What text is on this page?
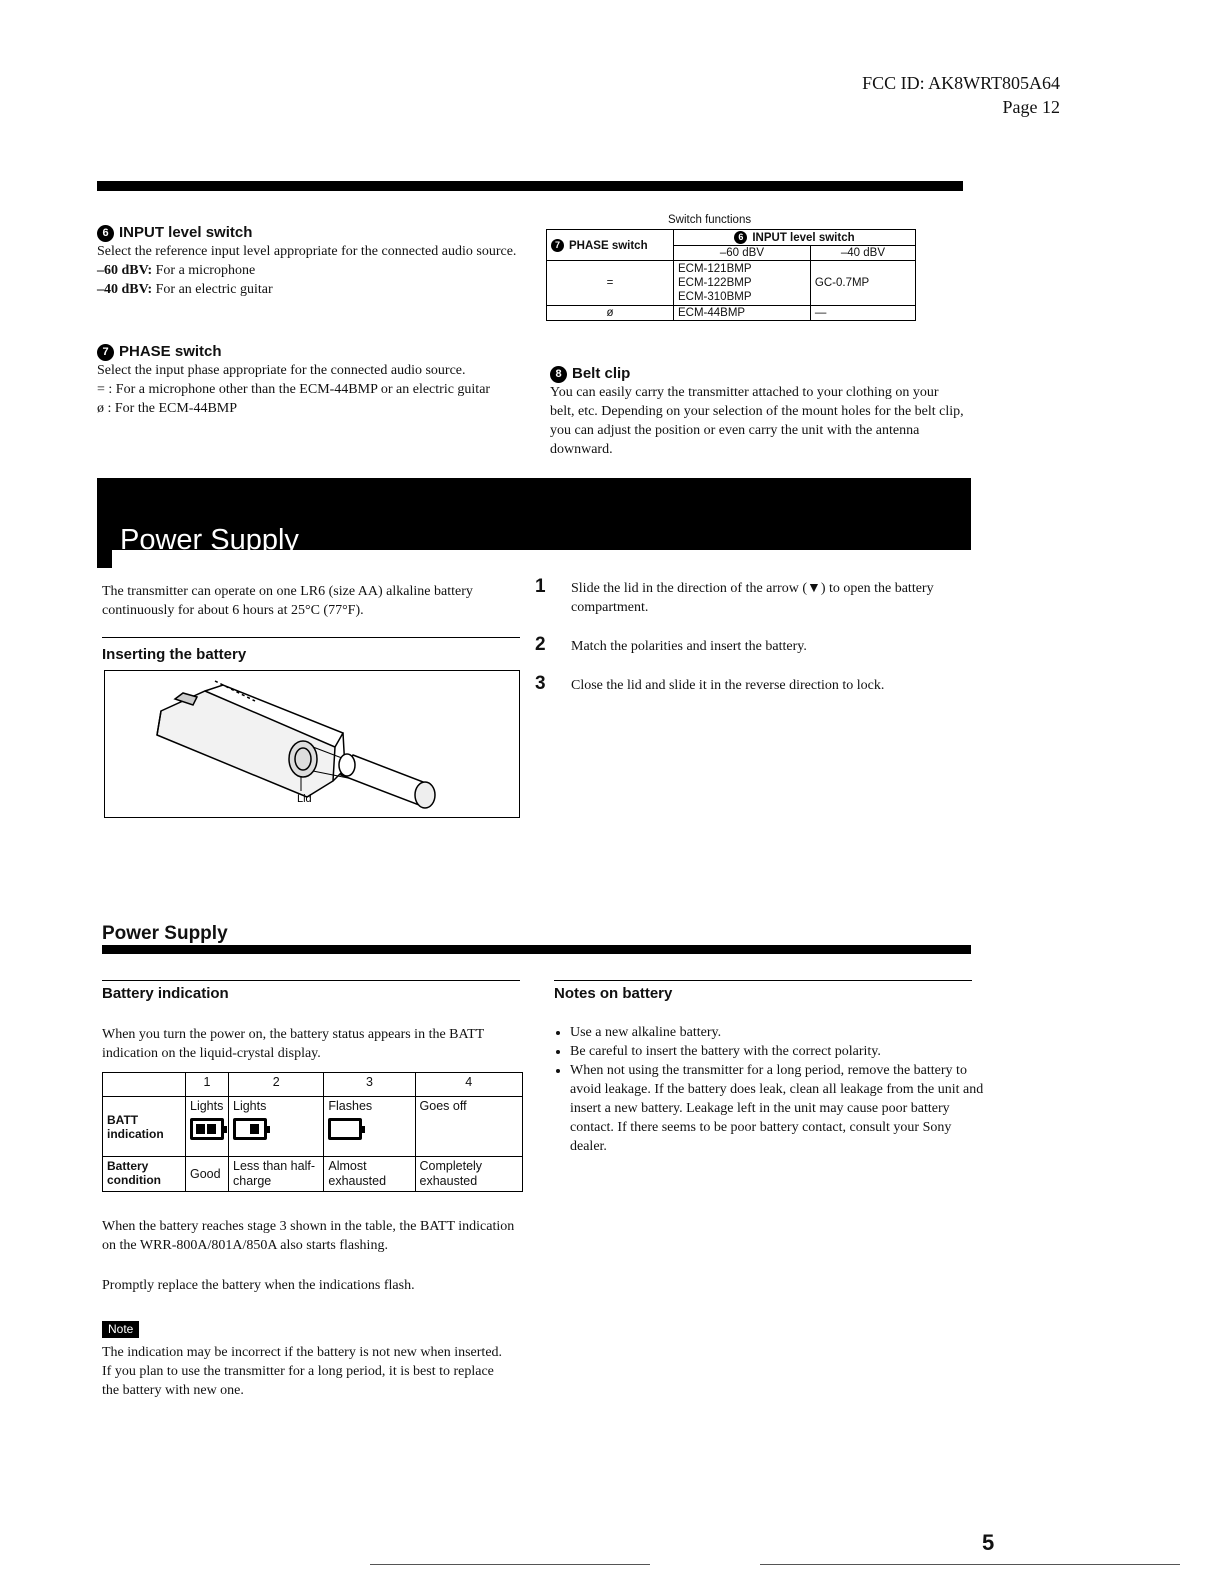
FCC ID: AK8WRT805A64
Page 12

6 INPUT level switch

Select the reference input level appropriate for the connected audio source.

–60 dBV: For a microphone

–40 dBV: For an electric guitar

7 PHASE switch

Select the input phase appropriate for the connected audio source.

= : For a microphone other than the ECM-44BMP or an electric guitar

ø : For the ECM-44BMP

Switch functions
7 PHASE switch	6 INPUT level switch	
	–60 dBV	–40 dBV
=	ECM-121BMP
ECM-122BMP
ECM-310BMP	GC-0.7MP
ø	ECM-44BMP	—

8 Belt clip

You can easily carry the transmitter attached to your clothing on your belt, etc. Depending on your selection of the mount holes for the belt clip, you can adjust the position or even carry the unit with the antenna downward.

Power Supply

The transmitter can operate on one LR6 (size AA) alkaline battery continuously for about 6 hours at 25°C (77°F).

Inserting the battery

Lid
1 Slide the lid in the direction of the arrow (▼) to open the battery compartment.
2 Match the polarities and insert the battery.
3 Close the lid and slide it in the reverse direction to lock.
Power Supply

Battery indication

When you turn the power on, the battery status appears in the BATT indication on the liquid-crystal display.

	1	2	3	4
BATT indication	Lights	Lights	Flashes	Goes off
Battery condition	Good	Less than half-charge	Almost exhausted	Completely exhausted

When the battery reaches stage 3 shown in the table, the BATT indication on the WRR-800A/801A/850A also starts flashing.

Promptly replace the battery when the indications flash.

Note

The indication may be incorrect if the battery is not new when inserted. If you plan to use the transmitter for a long period, it is best to replace the battery with new one.

Notes on battery

• Use a new alkaline battery.
• Be careful to insert the battery with the correct polarity.
• When not using the transmitter for a long period, remove the battery to avoid leakage. If the battery does leak, clean all leakage from the unit and insert a new battery. Leakage left in the unit may cause poor battery contact. If there seems to be poor battery contact, consult your Sony dealer.
5
